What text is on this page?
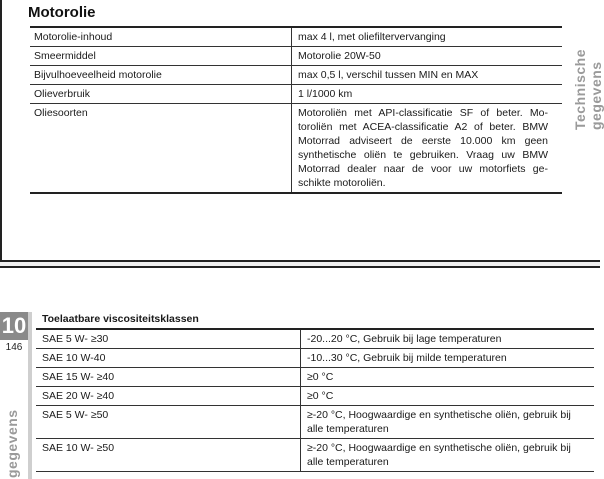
Motorolie
Motorolie-inhoud	max 4 l, met oliefiltervervanging
Smeermiddel	Motorolie 20W-50
Bijvulhoeveelheid motorolie	max 0,5 l, verschil tussen MIN en MAX
Olieverbruik	1 l/1000 km
Oliesoorten	Motoroliën met API-classificatie SF of beter. Mo-toroliën met ACEA-classificatie A2 of beter. BMW Motorrad adviseert de eerste 10.000 km geen synthetische oliën te gebruiken. Vraag uw BMW Motorrad dealer naar de voor uw motorfiets ge-schikte motoroliën.
Technische gegevens
10
146
gegevens
Toelaatbare viscositeitsklassen
SAE 5 W- ≥30	-20...20 °C, Gebruik bij lage temperaturen
SAE 10 W-40	-10...30 °C, Gebruik bij milde temperaturen
SAE 15 W- ≥40	≥0 °C
SAE 20 W- ≥40	≥0 °C
SAE 5 W- ≥50	≥-20 °C, Hoogwaardige en synthetische oliën, gebruik bij alle temperaturen
SAE 10 W- ≥50	≥-20 °C, Hoogwaardige en synthetische oliën, gebruik bij alle temperaturen
